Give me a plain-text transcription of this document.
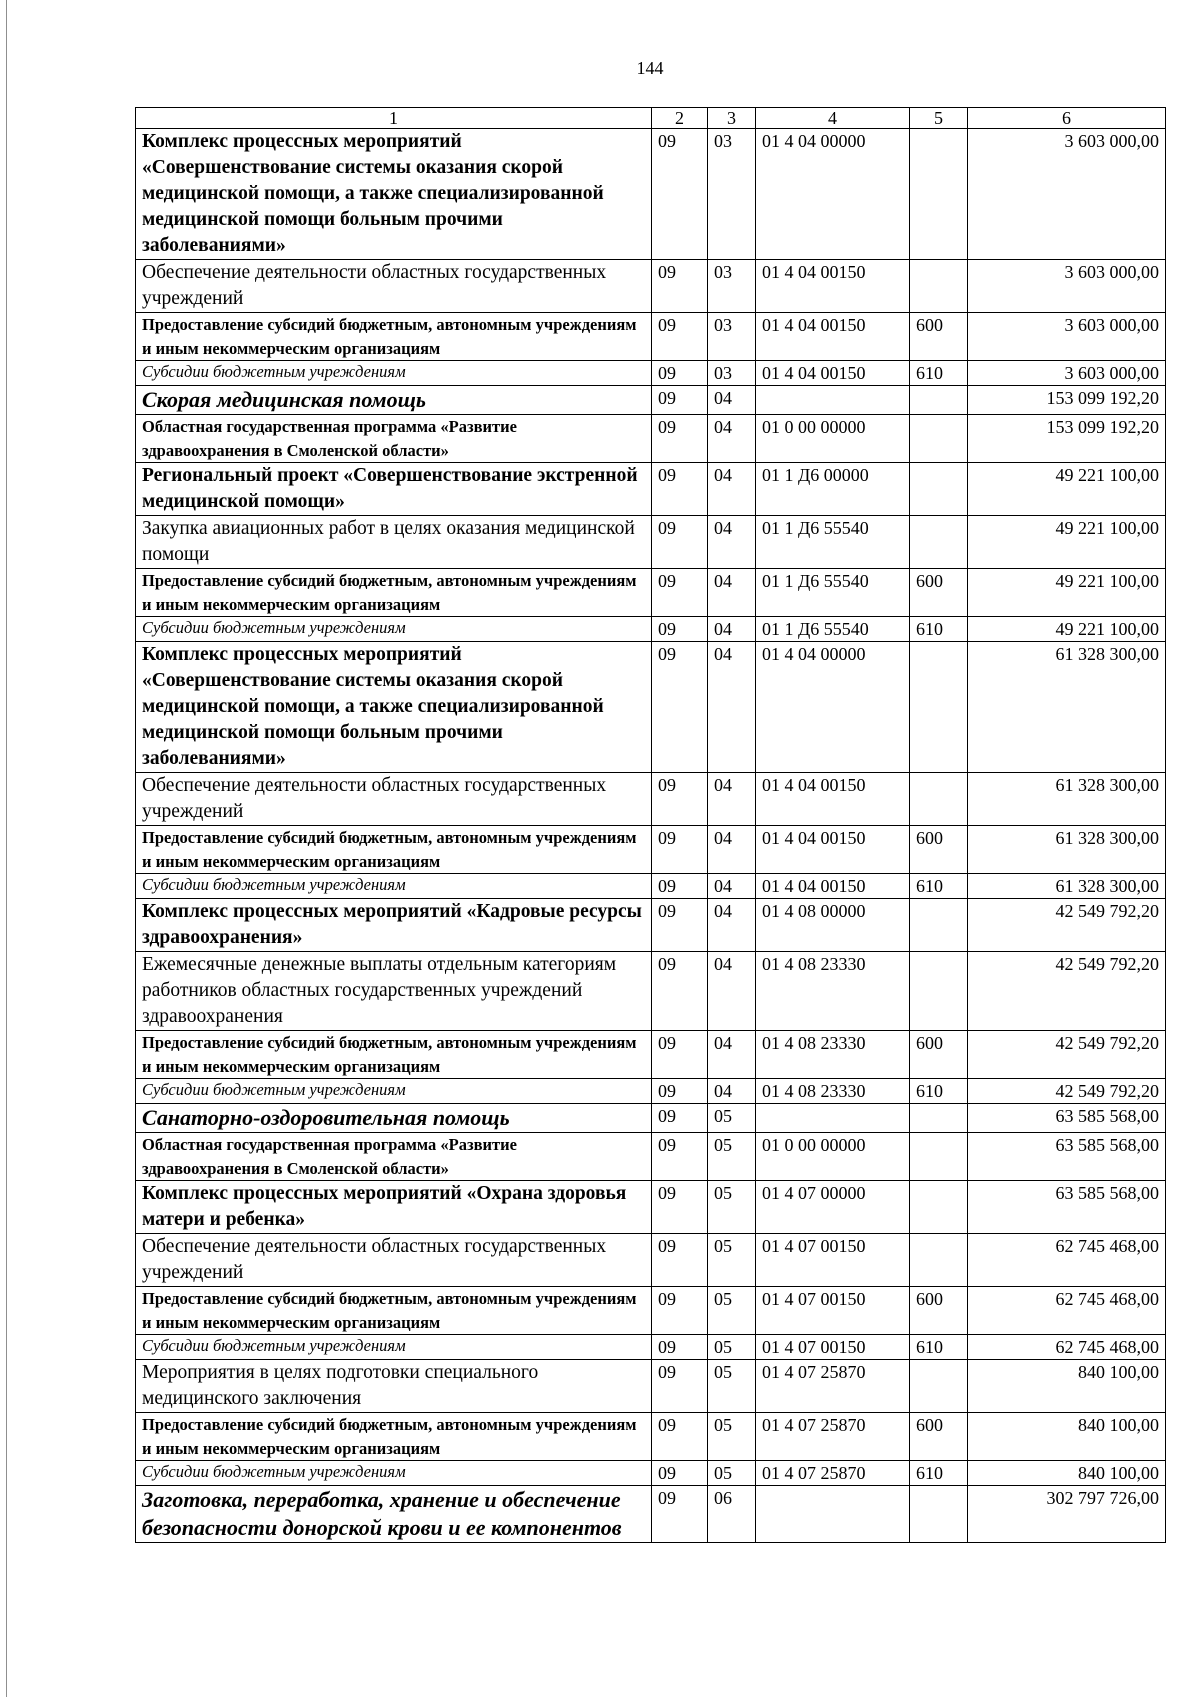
144
1	2	3	4	5	6
Комплекс процессных мероприятий «Совершенствование системы оказания скорой медицинской помощи, а также специализированной медицинской помощи больным прочими заболеваниями»	09	03	01 4 04 00000		3 603 000,00
Обеспечение деятельности областных государственных учреждений	09	03	01 4 04 00150		3 603 000,00
Предоставление субсидий бюджетным, автономным учреждениям и иным некоммерческим организациям	09	03	01 4 04 00150	600	3 603 000,00
Субсидии бюджетным учреждениям	09	03	01 4 04 00150	610	3 603 000,00
Скорая медицинская помощь	09	04			153 099 192,20
Областная государственная программа «Развитие здравоохранения в Смоленской области»	09	04	01 0 00 00000		153 099 192,20
Региональный проект «Совершенствование экстренной медицинской помощи»	09	04	01 1 Д6 00000		49 221 100,00
Закупка авиационных работ в целях оказания медицинской помощи	09	04	01 1 Д6 55540		49 221 100,00
Предоставление субсидий бюджетным, автономным учреждениям и иным некоммерческим организациям	09	04	01 1 Д6 55540	600	49 221 100,00
Субсидии бюджетным учреждениям	09	04	01 1 Д6 55540	610	49 221 100,00
Комплекс процессных мероприятий «Совершенствование системы оказания скорой медицинской помощи, а также специализированной медицинской помощи больным прочими заболеваниями»	09	04	01 4 04 00000		61 328 300,00
Обеспечение деятельности областных государственных учреждений	09	04	01 4 04 00150		61 328 300,00
Предоставление субсидий бюджетным, автономным учреждениям и иным некоммерческим организациям	09	04	01 4 04 00150	600	61 328 300,00
Субсидии бюджетным учреждениям	09	04	01 4 04 00150	610	61 328 300,00
Комплекс процессных мероприятий «Кадровые ресурсы здравоохранения»	09	04	01 4 08 00000		42 549 792,20
Ежемесячные денежные выплаты отдельным категориям работников областных государственных учреждений здравоохранения	09	04	01 4 08 23330		42 549 792,20
Предоставление субсидий бюджетным, автономным учреждениям и иным некоммерческим организациям	09	04	01 4 08 23330	600	42 549 792,20
Субсидии бюджетным учреждениям	09	04	01 4 08 23330	610	42 549 792,20
Санаторно-оздоровительная помощь	09	05			63 585 568,00
Областная государственная программа «Развитие здравоохранения в Смоленской области»	09	05	01 0 00 00000		63 585 568,00
Комплекс процессных мероприятий «Охрана здоровья матери и ребенка»	09	05	01 4 07 00000		63 585 568,00
Обеспечение деятельности областных государственных учреждений	09	05	01 4 07 00150		62 745 468,00
Предоставление субсидий бюджетным, автономным учреждениям и иным некоммерческим организациям	09	05	01 4 07 00150	600	62 745 468,00
Субсидии бюджетным учреждениям	09	05	01 4 07 00150	610	62 745 468,00
Мероприятия в целях подготовки специального медицинского заключения	09	05	01 4 07 25870		840 100,00
Предоставление субсидий бюджетным, автономным учреждениям и иным некоммерческим организациям	09	05	01 4 07 25870	600	840 100,00
Субсидии бюджетным учреждениям	09	05	01 4 07 25870	610	840 100,00
Заготовка, переработка, хранение и обеспечение безопасности донорской крови и ее компонентов	09	06			302 797 726,00
